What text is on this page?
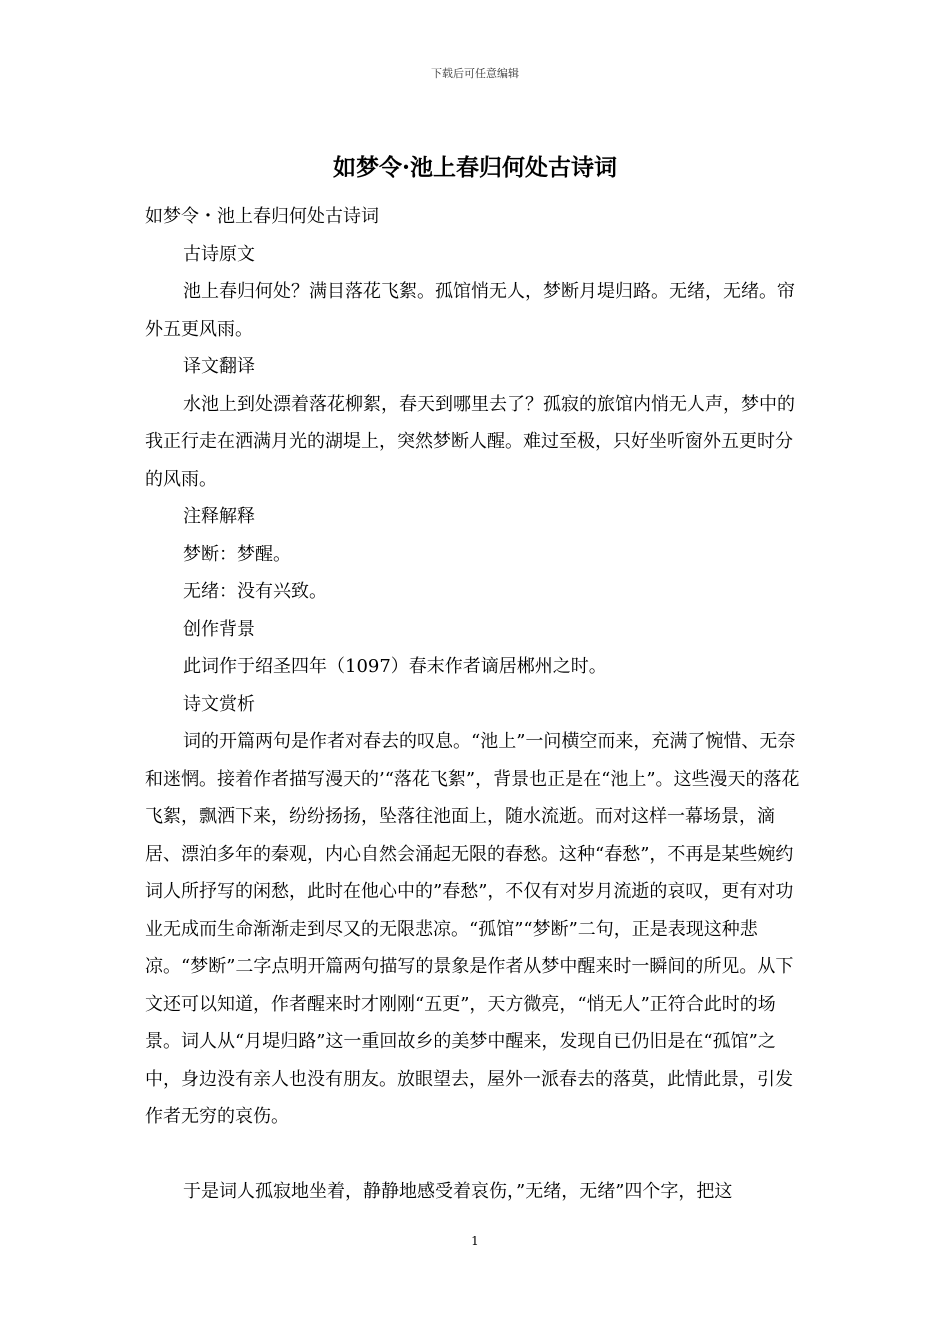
下载后可任意编辑
如梦令·池上春归何处古诗词

如梦令・池上春归何处古诗词

古诗原文

池上春归何处？满目落花飞絮。孤馆悄无人，梦断月堤归路。无绪，无绪。帘外五更风雨。

译文翻译

水池上到处漂着落花柳絮，春天到哪里去了？孤寂的旅馆内悄无人声，梦中的我正行走在洒满月光的湖堤上，突然梦断人醒。难过至极，只好坐听窗外五更时分的风雨。

注释解释

梦断：梦醒。

无绪：没有兴致。

创作背景

此词作于绍圣四年（1097）春末作者谪居郴州之时。

诗文赏析

词的开篇两句是作者对春去的叹息。“池上”一问横空而来，充满了惋惜、无奈和迷惘。接着作者描写漫天的’“落花飞絮”，背景也正是在“池上”。这些漫天的落花飞絮，飘洒下来，纷纷扬扬，坠落往池面上，随水流逝。而对这样一幕场景，滴居、漂泊多年的秦观，内心自然会涌起无限的春愁。这种“春愁”，不再是某些婉约词人所抒写的闲愁，此时在他心中的”春愁”，不仅有对岁月流逝的哀叹，更有对功业无成而生命渐渐走到尽又的无限悲凉。“孤馆”“梦断”二句，正是表现这种悲凉。“梦断”二字点明开篇两句描写的景象是作者从梦中醒来时一瞬间的所见。从下文还可以知道，作者醒来时才刚刚“五更”，天方微亮，“悄无人”正符合此时的场景。词人从“月堤归路”这一重回故乡的美梦中醒来，发现自已仍旧是在“孤馆”之中，身边没有亲人也没有朋友。放眼望去，屋外一派春去的落莫，此情此景，引发作者无穷的哀伤。

于是词人孤寂地坐着，静静地感受着哀伤，”无绪，无绪”四个字，把这

1
